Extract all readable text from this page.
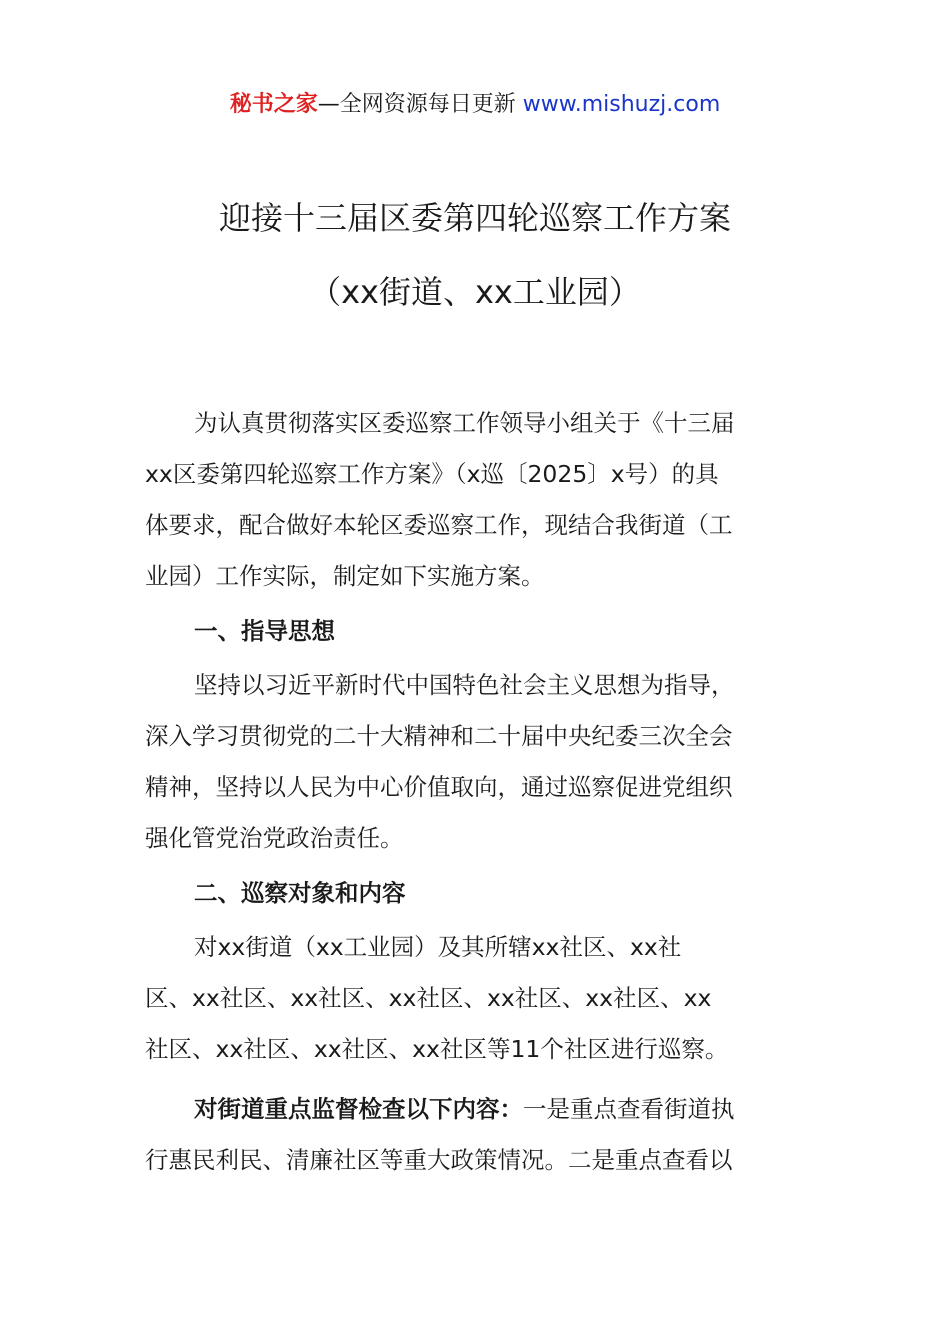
秘书之家—全网资源每日更新 www.mishuzj.com
迎接十三届区委第四轮巡察工作方案
（xx街道、xx工业园）
为认真贯彻落实区委巡察工作领导小组关于《十三届
xx区委第四轮巡察工作方案》（x巡〔2025〕x号）的具
体要求，配合做好本轮区委巡察工作，现结合我街道（工
业园）工作实际，制定如下实施方案。
一、指导思想
坚持以习近平新时代中国特色社会主义思想为指导，
深入学习贯彻党的二十大精神和二十届中央纪委三次全会
精神，坚持以人民为中心价值取向，通过巡察促进党组织
强化管党治党政治责任。
二、巡察对象和内容
对xx街道（xx工业园）及其所辖xx社区、xx社
区、xx社区、xx社区、xx社区、xx社区、xx社区、xx
社区、xx社区、xx社区、xx社区等11个社区进行巡察。
对街道重点监督检查以下内容：一是重点查看街道执
行惠民利民、清廉社区等重大政策情况。二是重点查看以
